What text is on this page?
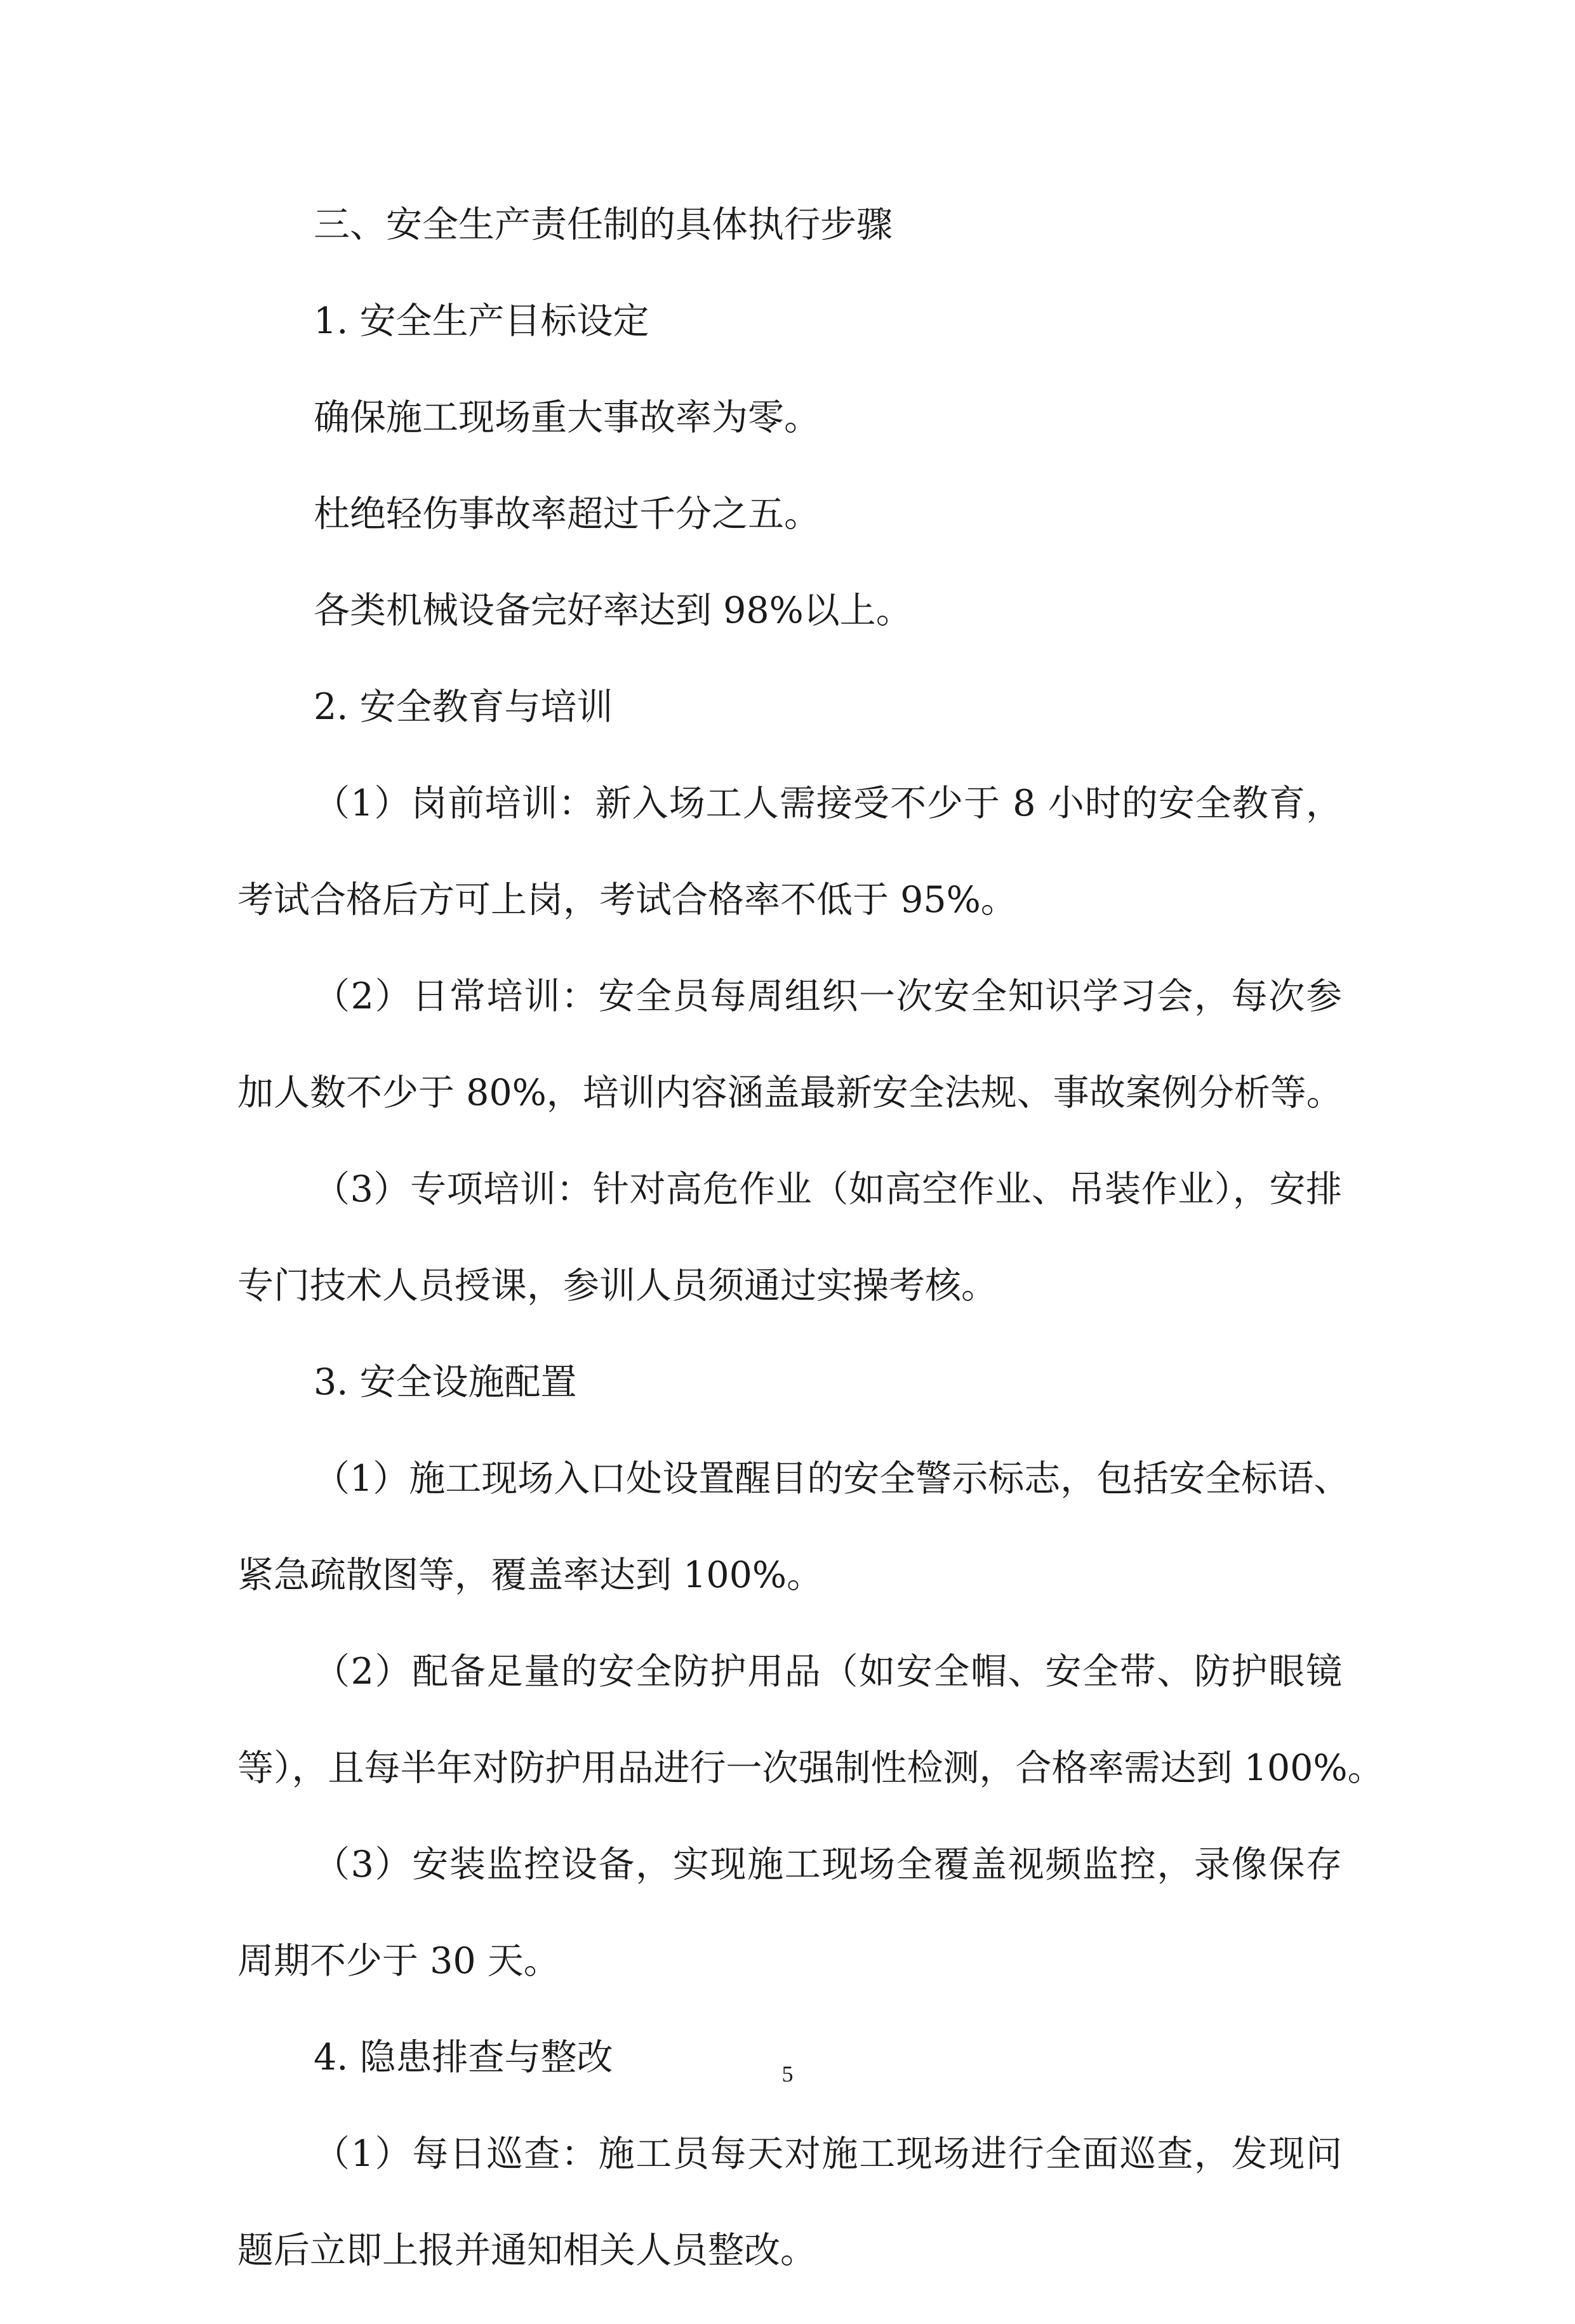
三、安全生产责任制的具体执行步骤
1. 安全生产目标设定
确保施工现场重大事故率为零。
杜绝轻伤事故率超过千分之五。
各类机械设备完好率达到 98%以上。
2. 安全教育与培训
（1）岗前培训：新入场工人需接受不少于 8 小时的安全教育，
考试合格后方可上岗，考试合格率不低于 95%。
（2）日常培训：安全员每周组织一次安全知识学习会，每次参
加人数不少于 80%，培训内容涵盖最新安全法规、事故案例分析等。
（3）专项培训：针对高危作业（如高空作业、吊装作业），安排
专门技术人员授课，参训人员须通过实操考核。
3. 安全设施配置
（1）施工现场入口处设置醒目的安全警示标志，包括安全标语、
紧急疏散图等，覆盖率达到 100%。
（2）配备足量的安全防护用品（如安全帽、安全带、防护眼镜
等），且每半年对防护用品进行一次强制性检测，合格率需达到 100%。
（3）安装监控设备，实现施工现场全覆盖视频监控，录像保存
周期不少于 30 天。
4. 隐患排查与整改
（1）每日巡查：施工员每天对施工现场进行全面巡查，发现问
题后立即上报并通知相关人员整改。
5
